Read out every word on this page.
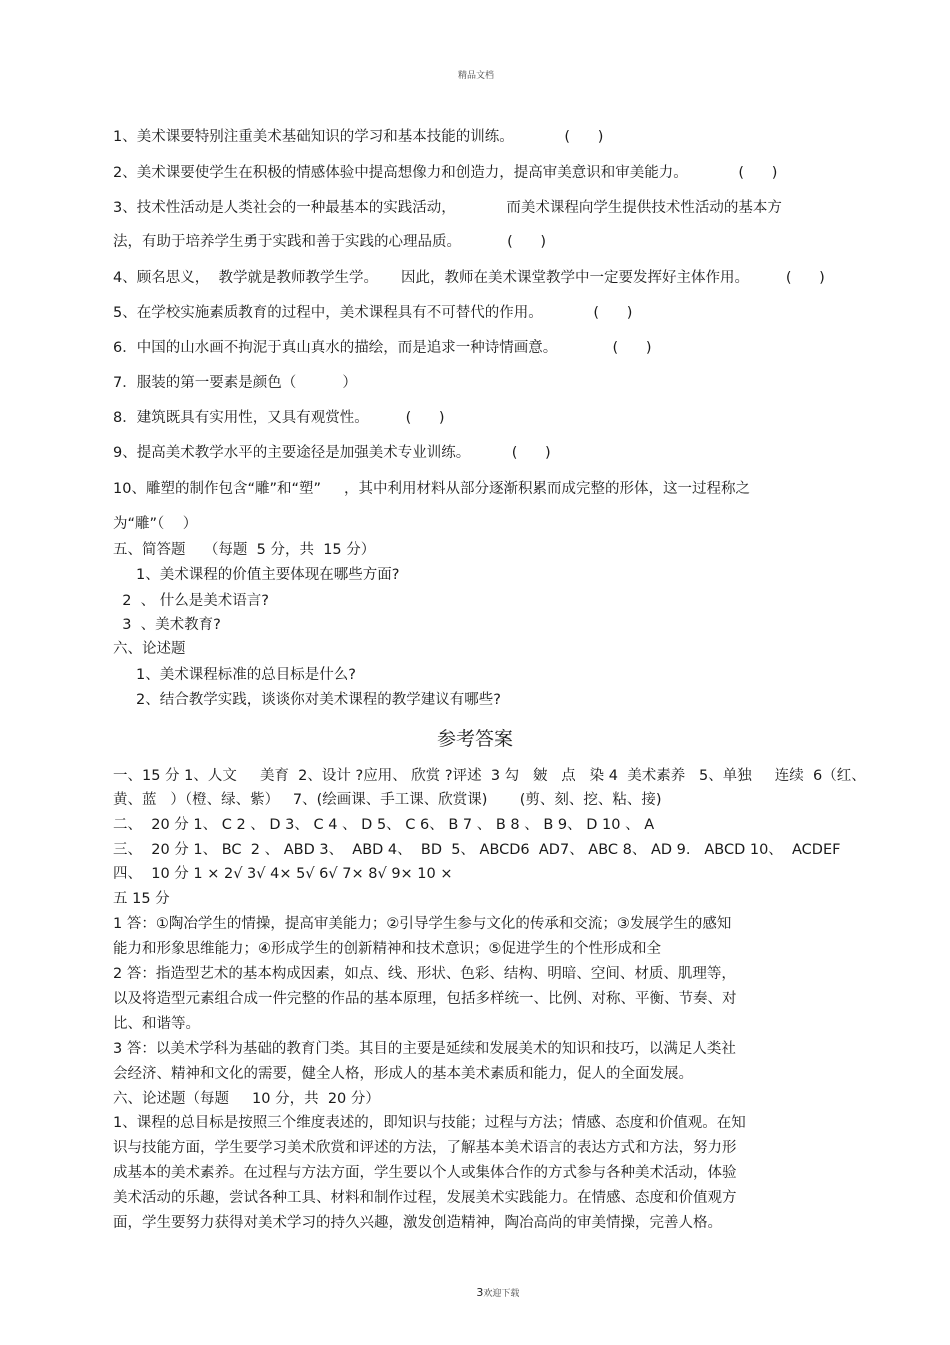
精品文档
1、美术课要特别注重美术基础知识的学习和基本技能的训练。           (      )
2、美术课要使学生在积极的情感体验中提高想像力和创造力，提高审美意识和审美能力。           (      )
3、技术性活动是人类社会的一种最基本的实践活动，           而美术课程向学生提供技术性活动的基本方
法，有助于培养学生勇于实践和善于实践的心理品质。          (      )
4、顾名思义，  教学就是教师教学生学。     因此，教师在美术课堂教学中一定要发挥好主体作用。        (      )
5、在学校实施素质教育的过程中，美术课程具有不可替代的作用。           (      )
6．中国的山水画不拘泥于真山真水的描绘，而是追求一种诗情画意。            (      )
7．服装的第一要素是颜色（          ）
8．建筑既具有实用性，又具有观赏性。        (      )
9、提高美术教学水平的主要途径是加强美术专业训练。         (      )
10、雕塑的制作包含“雕”和“塑”     ，其中利用材料从部分逐渐积累而成完整的形体，这一过程称之
为“雕”（    ）
五、简答题    （每题  5 分，共  15 分）
1、美术课程的价值主要体现在哪些方面?
2  、 什么是美术语言?
3  、美术教育?
六、论述题
1、美术课程标准的总目标是什么?
2、结合教学实践，谈谈你对美术课程的教学建议有哪些?
参考答案
一、15 分 1、人文     美育  2、设计 ?应用、 欣赏 ?评述  3 勾   皴   点   染 4  美术素养   5、单独     连续  6（红、
黄、蓝   ）（橙、绿、紫）   7、(绘画课、手工课、欣赏课)       (剪、刻、挖、粘、接)
二、  20 分 1、 C 2 、 D 3、 C 4 、 D 5、 C 6、 B 7 、 B 8 、 B 9、 D 10 、 A
三、  20 分 1、 BC  2 、 ABD 3、  ABD 4、  BD  5、 ABCD6  AD7、 ABC 8、 AD 9.   ABCD 10、  ACDEF
四、  10 分 1 × 2√ 3√ 4× 5√ 6√ 7× 8√ 9× 10 ×
五 15 分
1 答：①陶冶学生的情操，提高审美能力；②引导学生参与文化的传承和交流；③发展学生的感知
能力和形象思维能力；④形成学生的创新精神和技术意识；⑤促进学生的个性形成和全
2 答：指造型艺术的基本构成因素，如点、线、形状、色彩、结构、明暗、空间、材质、肌理等，
以及将造型元素组合成一件完整的作品的基本原理，包括多样统一、比例、对称、平衡、节奏、对
比、和谐等。
3 答：以美术学科为基础的教育门类。其目的主要是延续和发展美术的知识和技巧，以满足人类社
会经济、精神和文化的需要，健全人格，形成人的基本美术素质和能力，促人的全面发展。
六、论述题（每题     10 分，共  20 分）
1、课程的总目标是按照三个维度表述的，即知识与技能；过程与方法；情感、态度和价值观。在知
识与技能方面，学生要学习美术欣赏和评述的方法，了解基本美术语言的表达方式和方法，努力形
成基本的美术素养。在过程与方法方面，学生要以个人或集体合作的方式参与各种美术活动，体验
美术活动的乐趣，尝试各种工具、材料和制作过程，发展美术实践能力。在情感、态度和价值观方
面，学生要努力获得对美术学习的持久兴趣，激发创造精神，陶冶高尚的审美情操，完善人格。

3欢迎下载
